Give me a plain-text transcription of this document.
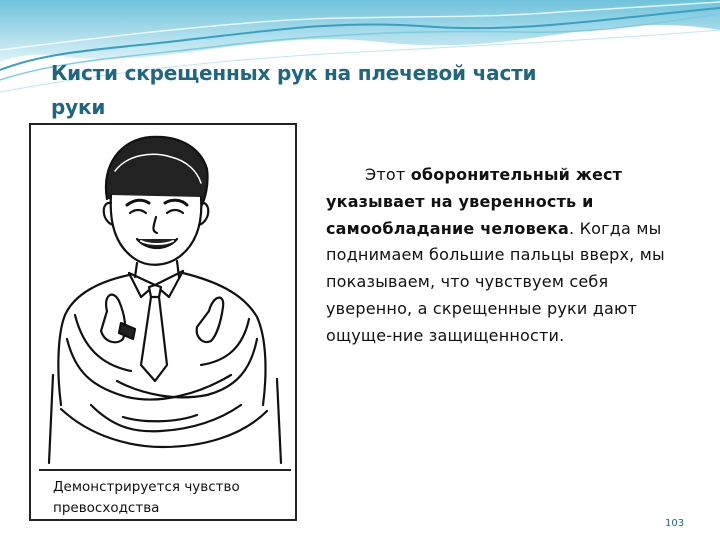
Кисти скрещенных рук на плечевой части руки
Демонстрируется чувство превосходства
Этот оборонительный жест указывает на уверенность и самообладание человека. Когда мы поднимаем большие пальцы вверх, мы показываем, что чувствуем себя уверенно, а скрещенные руки дают ощуще-ние защищенности.
103
